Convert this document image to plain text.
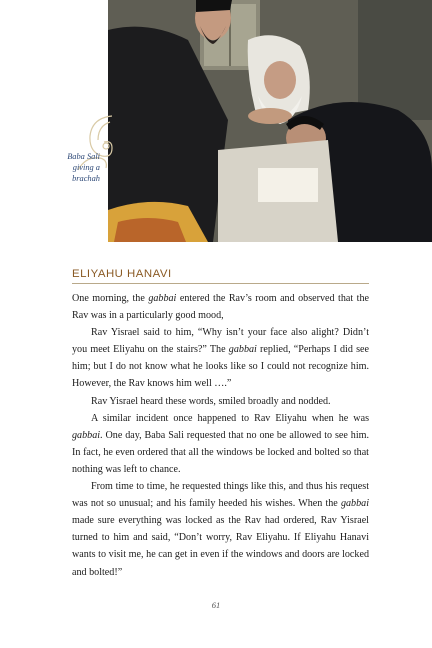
Baba Sali
giving a
brachah
ELIYAHU HANAVI

One morning, the gabbai entered the Rav’s room and observed that the Rav was in a particularly good mood,

Rav Yisrael said to him, “Why isn’t your face also alight? Didn’t you meet Eliyahu on the stairs?” The gabbai replied, “Perhaps I did see him; but I do not know what he looks like so I could not recognize him. However, the Rav knows him well ….”

Rav Yisrael heard these words, smiled broadly and nodded.

A similar incident once happened to Rav Eliyahu when he was gabbai. One day, Baba Sali requested that no one be allowed to see him. In fact, he even ordered that all the windows be locked and bolted so that nothing was left to chance.

From time to time, he requested things like this, and thus his request was not so unusual; and his family heeded his wishes. When the gabbai made sure everything was locked as the Rav had ordered, Rav Yisrael turned to him and said, “Don’t worry, Rav Eliyahu. If Eliyahu Hanavi wants to visit me, he can get in even if the windows and doors are locked and bolted!”

61
